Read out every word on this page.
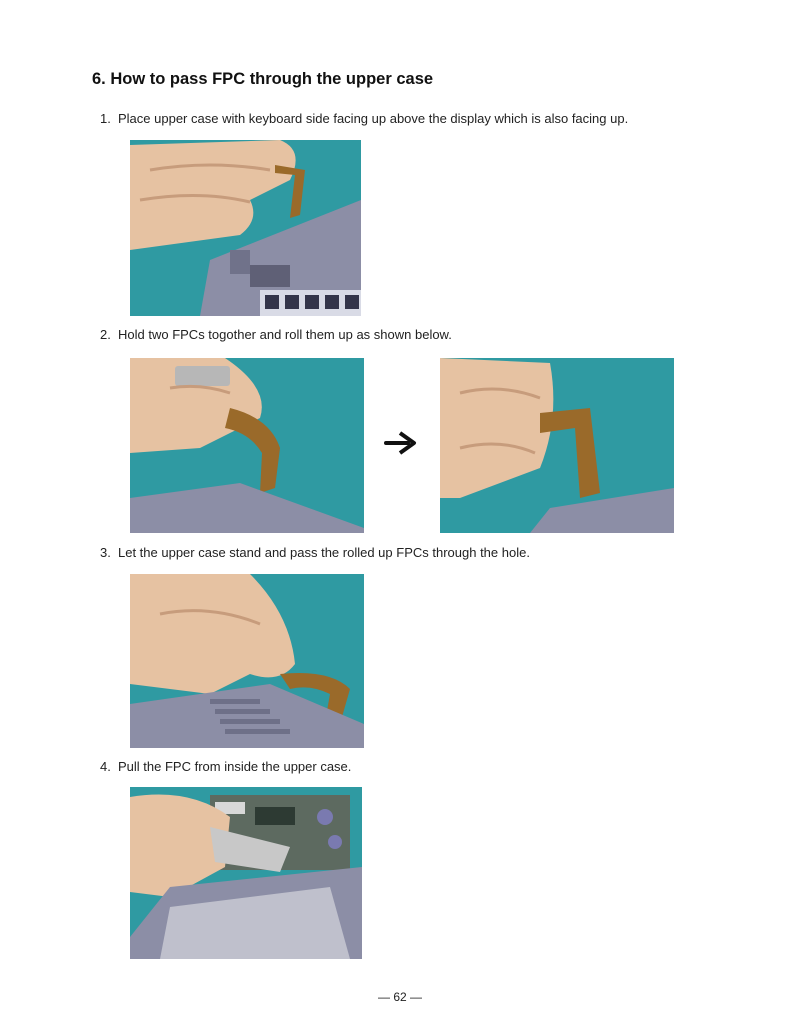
6. How to pass FPC through the upper case
1. Place upper case with keyboard side facing up above the display which is also facing up.
2. Hold two FPCs togother and roll them up as shown below.
3. Let the upper case stand and pass the rolled up FPCs through the hole.
4. Pull the FPC from inside the upper case.
— 62 —
